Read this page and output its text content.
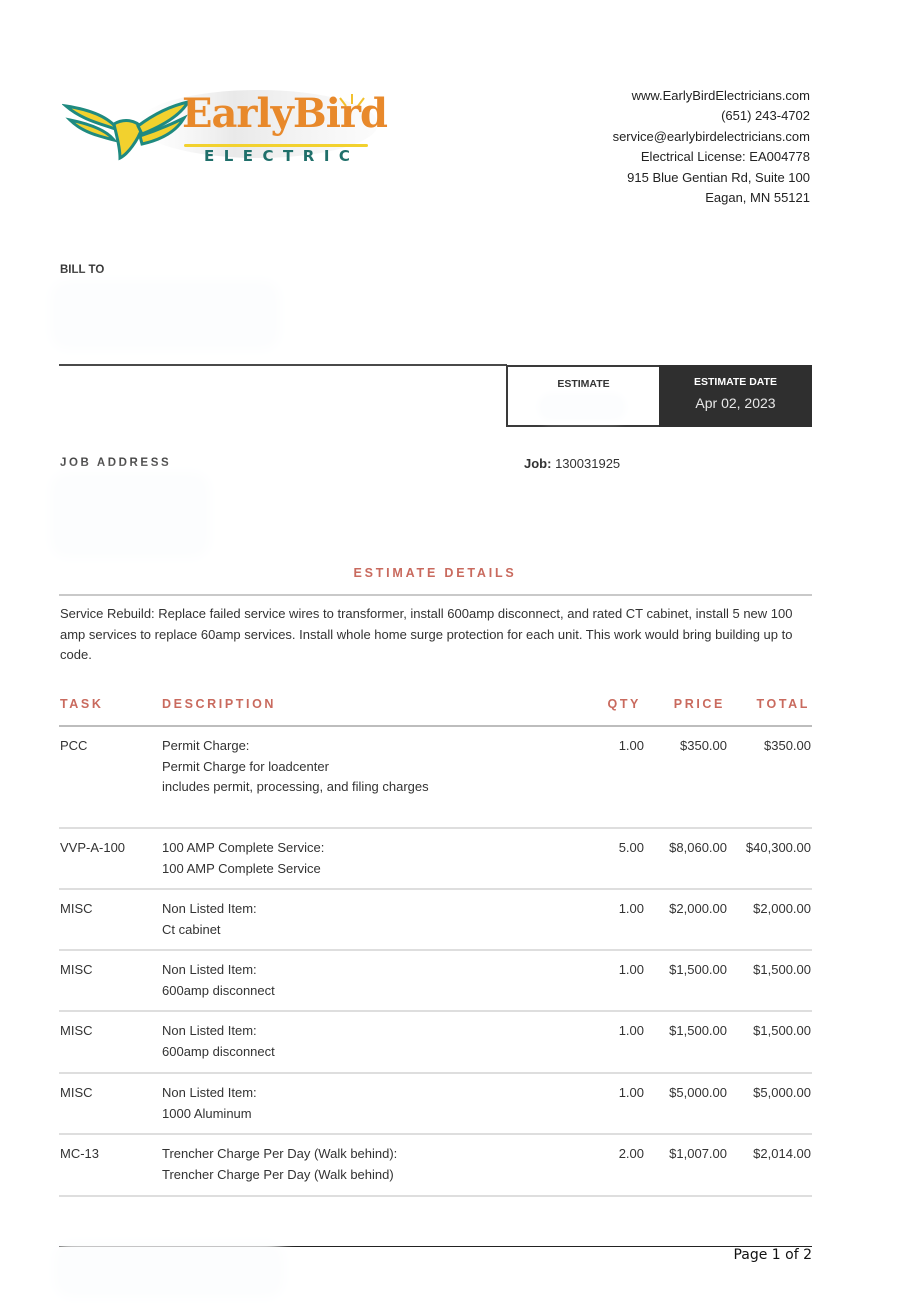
EarlyBird
ELECTRIC
www.EarlyBirdElectricians.com
(651) 243-4702
service@earlybirdelectricians.com
Electrical License: EA004778
915 Blue Gentian Rd, Suite 100
Eagan, MN 55121
BILL TO
ESTIMATE	ESTIMATE DATE
Apr 02, 2023
JOB ADDRESS	Job: 130031925
ESTIMATE DETAILS
Service Rebuild: Replace failed service wires to transformer, install 600amp disconnect, and rated CT cabinet, install 5 new 100 amp services to replace 60amp services. Install whole home surge protection for each unit. This work would bring building up to code.
TASK	DESCRIPTION	QTY	PRICE	TOTAL
PCC	Permit Charge:
Permit Charge for loadcenter
includes permit, processing, and filing charges
1.00	$350.00	$350.00
VVP-A-100	100 AMP Complete Service:
100 AMP Complete Service
5.00 $8,060.00 $40,300.00
MISC	Non Listed Item:
Ct cabinet
1.00 $2,000.00 $2,000.00
MISC	Non Listed Item:
600amp disconnect
1.00 $1,500.00 $1,500.00
MISC	Non Listed Item:
600amp disconnect
1.00 $1,500.00 $1,500.00
MISC	Non Listed Item:
1000 Aluminum
1.00 $5,000.00 $5,000.00
MC-13	Trencher Charge Per Day (Walk behind):
Trencher Charge Per Day (Walk behind)
2.00 $1,007.00 $2,014.00
Page 1 of 2
